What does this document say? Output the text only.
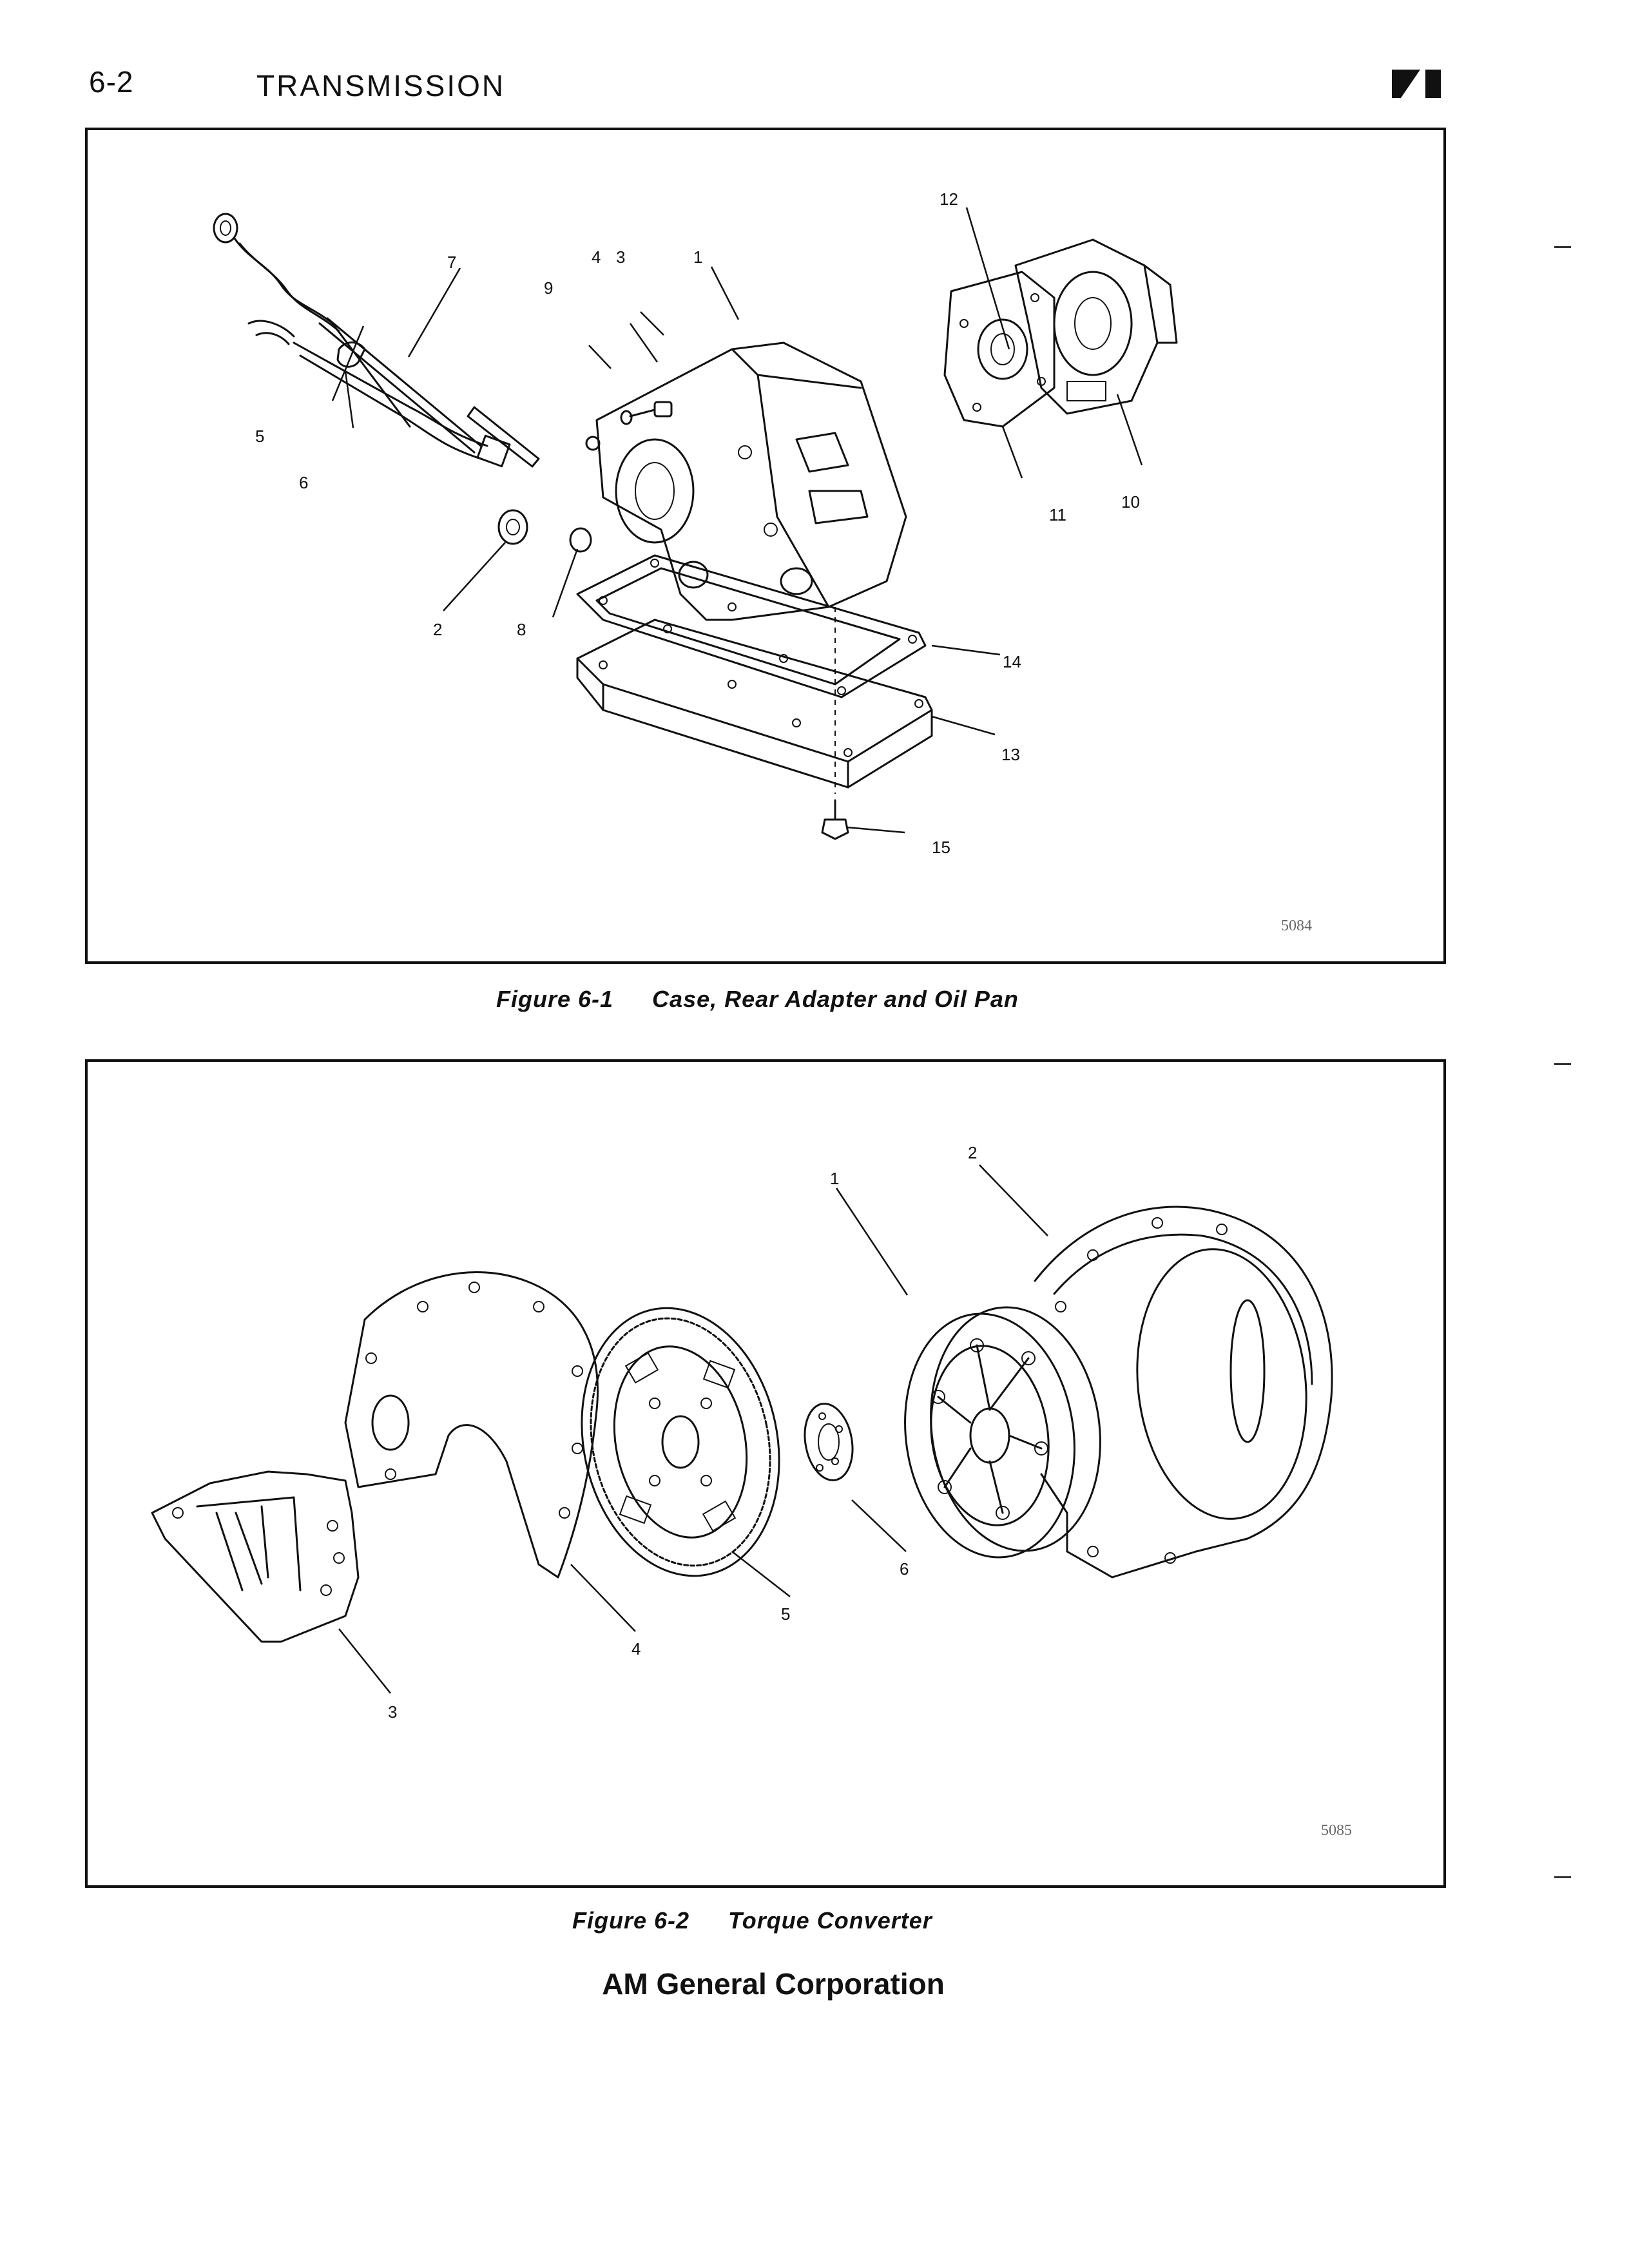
6-2	TRANSMISSION
1
2
3
4
5
6
7
8
9
10
11
12
13
14
15
5084
Figure 6-1 Case, Rear Adapter and Oil Pan
1
2
3
4
5
6
5085
Figure 6-2 Torque Converter
AM General Corporation
